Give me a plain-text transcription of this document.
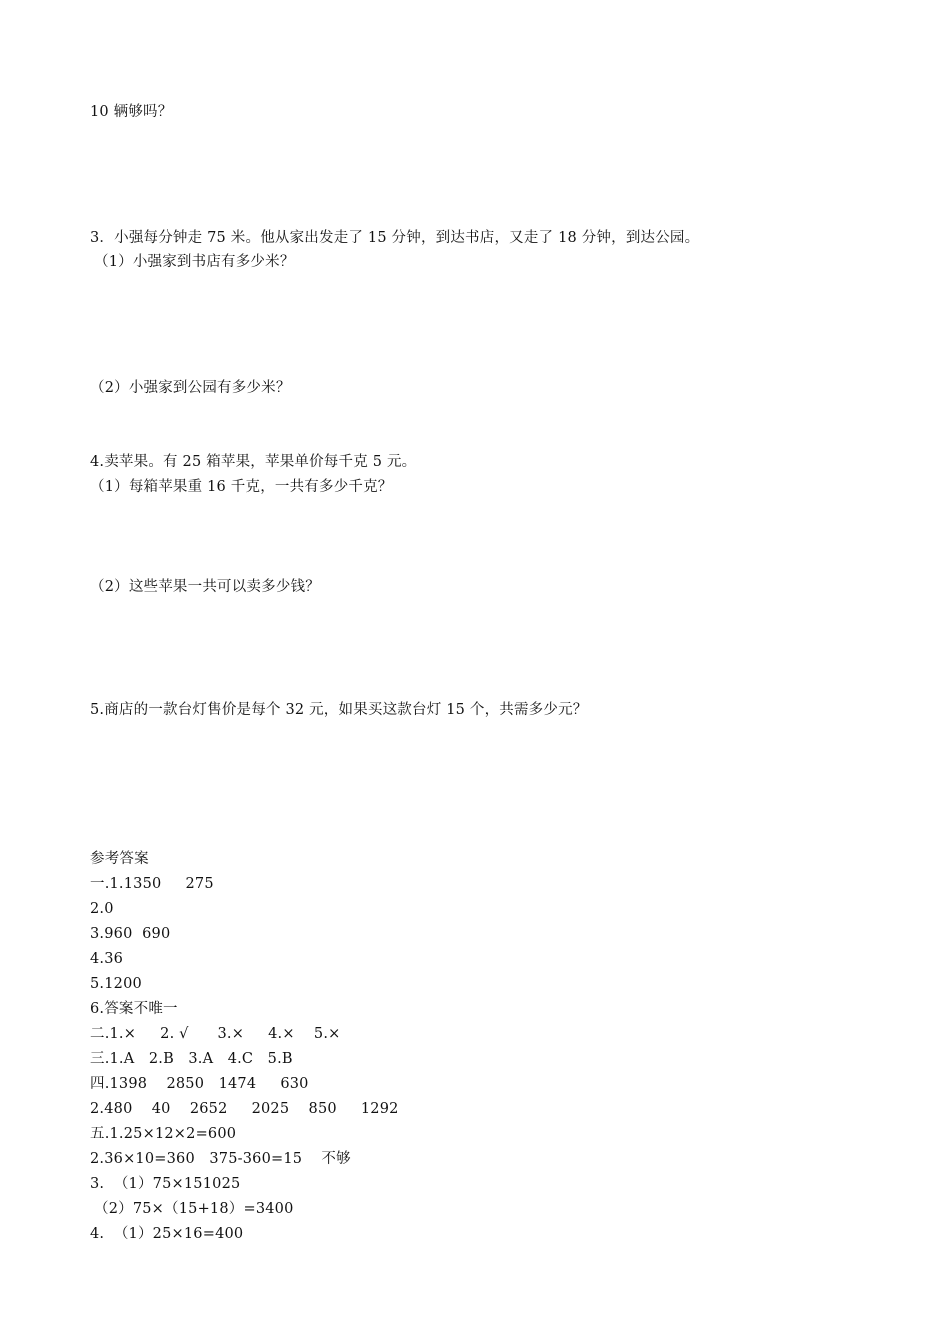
10 辆够吗？
3．小强每分钟走 75 米。他从家出发走了 15 分钟，到达书店，又走了 18 分钟，到达公园。
（1）小强家到书店有多少米？
（2）小强家到公园有多少米？
4.卖苹果。有 25 箱苹果，苹果单价每千克 5 元。
（1）每箱苹果重 16 千克，一共有多少千克？
（2）这些苹果一共可以卖多少钱？
5.商店的一款台灯售价是每个 32 元，如果买这款台灯 15 个，共需多少元？
参考答案
一.1.1350     275
2.0
3.960  690
4.36
5.1200
6.答案不唯一
二.1.×     2. √      3.×     4.×    5.×
三.1.A   2.B   3.A   4.C   5.B
四.1398    2850   1474     630
2.480    40    2652     2025    850     1292
五.1.25×12×2=600
2.36×10=360   375-360=15    不够
3.  （1）75×151025
（2）75×（15+18）=3400
4.  （1）25×16=400
